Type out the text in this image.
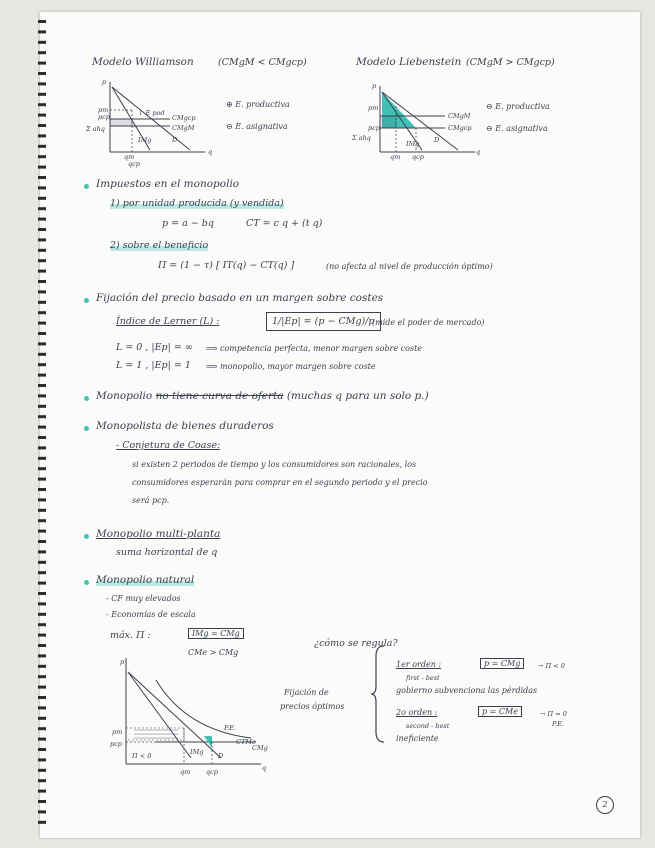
Modelo Williamson	(CMgM < CMgcp)	Modelo Liebenstein (CMgM > CMgcp)
p
pm
pcp	↓ E pod
CMgcp
CMgM
Σ ahq
IMg	D
q
qm
qcp
⊕ E. productiva
⊖ E. asignativa
p
pm
pcp
CMgM
CMgcp
Σ ahq
IMg D
q
qm qcp
⊖ E. productiva
⊖ E. asignativa
Impuestos en el monopolio
1) por unidad producida (y vendida)
p = a − bq	CT = c q + (t q)
2) sobre el beneficio
Π = (1 − τ) [ IT(q) − CT(q) ]	(no afecta al nivel de producción óptimo)
Fijación del precio basado en un margen sobre costes
Índice de Lerner (L) :	1/|Ep| = (p − CMg)/p
(mide el poder de mercado)
L = 0 , |Ep| = ∞ ⟹ competencia perfecta, menor margen sobre coste
L = 1 , |Ep| = 1 ⟹ monopolio, mayor margen sobre coste
Monopolio no tiene curva de oferta (muchas q para un solo p.)
Monopolista de bienes duraderos
- Conjetura de Coase:
si existen 2 periodos de tiempo y los consumidores son racionales, los
consumidores esperarán para comprar en el segundo periodo y el precio
será pcp.
Monopolio multi-planta
suma horizontal de q
Monopolio natural
- CF muy elevados
- Economías de escala
máx. Π :	IMg = CMg
CMe > CMg
¿cómo se regula?
Fijación de
precios óptimos
1er orden :
first - best
p = CMg	→ Π < 0
gobierno subvenciona las pérdidas
2o orden :
second - best
p = CMe	→ Π = 0
P.E.
ineficiente
p
pm
pcp
P.E.
CTMe
CMg
Π < 0	IMg D
q
qm qcp
2
